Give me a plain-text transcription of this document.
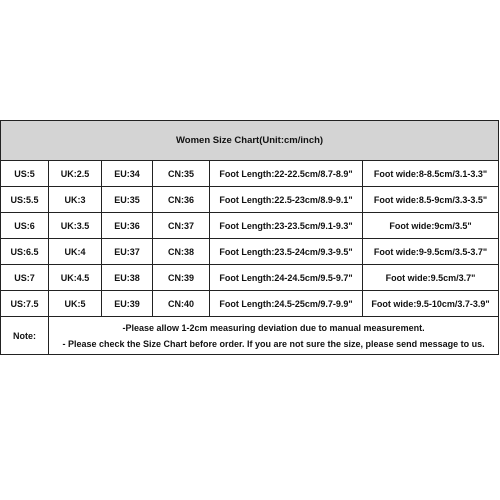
Women Size Chart(Unit:cm/inch)					
US:5	UK:2.5	EU:34	CN:35	Foot Length:22-22.5cm/8.7-8.9"	Foot wide:8-8.5cm/3.1-3.3"
US:5.5	UK:3	EU:35	CN:36	Foot Length:22.5-23cm/8.9-9.1"	Foot wide:8.5-9cm/3.3-3.5"
US:6	UK:3.5	EU:36	CN:37	Foot Length:23-23.5cm/9.1-9.3"	Foot wide:9cm/3.5"
US:6.5	UK:4	EU:37	CN:38	Foot Length:23.5-24cm/9.3-9.5"	Foot wide:9-9.5cm/3.5-3.7"
US:7	UK:4.5	EU:38	CN:39	Foot Length:24-24.5cm/9.5-9.7"	Foot wide:9.5cm/3.7"
US:7.5	UK:5	EU:39	CN:40	Foot Length:24.5-25cm/9.7-9.9"	Foot wide:9.5-10cm/3.7-3.9"
Note:	-Please allow 1-2cm measuring deviation due to manual measurement.
- Please check the Size Chart before order. If you are not sure the size, please send message to us.				
